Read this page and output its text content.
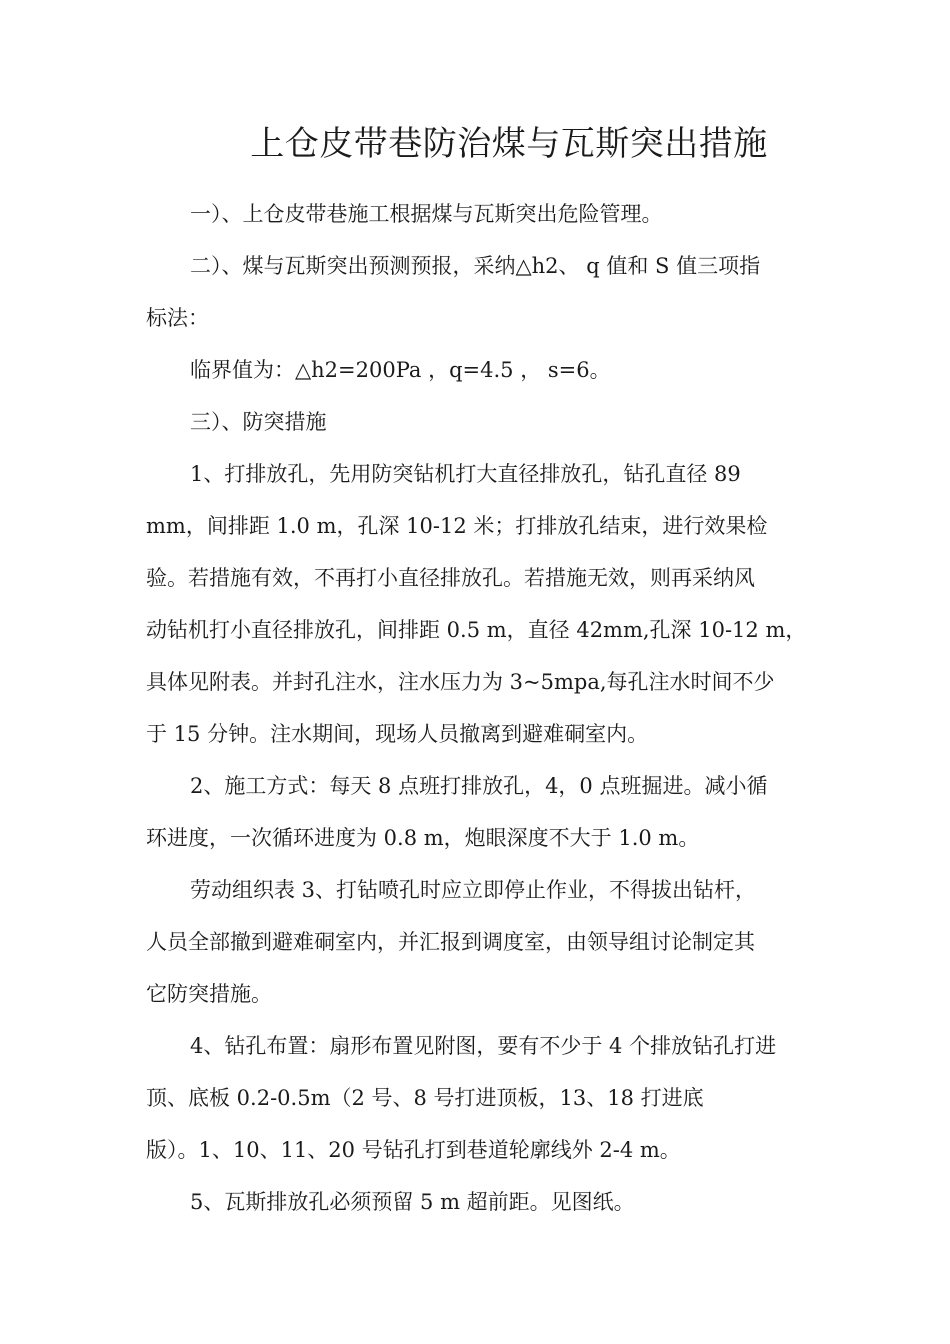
上仓皮带巷防治煤与瓦斯突出措施
一）、上仓皮带巷施工根据煤与瓦斯突出危险管理。
二）、煤与瓦斯突出预测预报，采纳△h2、 q 值和 S 值三项指
标法：
临界值为：△h2=200Pa ，q=4.5 ， s=6。
三）、防突措施
1、打排放孔，先用防突钻机打大直径排放孔，钻孔直径 89
mm，间排距 1.0 m，孔深 10-12 米；打排放孔结束，进行效果检
验。若措施有效，不再打小直径排放孔。若措施无效，则再采纳风
动钻机打小直径排放孔，间排距 0.5 m，直径 42mm,孔深 10-12 m，
具体见附表。并封孔注水，注水压力为 3~5mpa,每孔注水时间不少
于 15 分钟。注水期间，现场人员撤离到避难硐室内。
2、施工方式：每天 8 点班打排放孔，4，0 点班掘进。减小循
环进度，一次循环进度为 0.8 m，炮眼深度不大于 1.0 m。
劳动组织表 3、打钻喷孔时应立即停止作业，不得拔出钻杆，
人员全部撤到避难硐室内，并汇报到调度室，由领导组讨论制定其
它防突措施。
4、钻孔布置：扇形布置见附图，要有不少于 4 个排放钻孔打进
顶、底板 0.2-0.5m（2 号、8 号打进顶板，13、18 打进底
版）。1、10、11、20 号钻孔打到巷道轮廓线外 2-4 m。
5、瓦斯排放孔必须预留 5 m 超前距。见图纸。
